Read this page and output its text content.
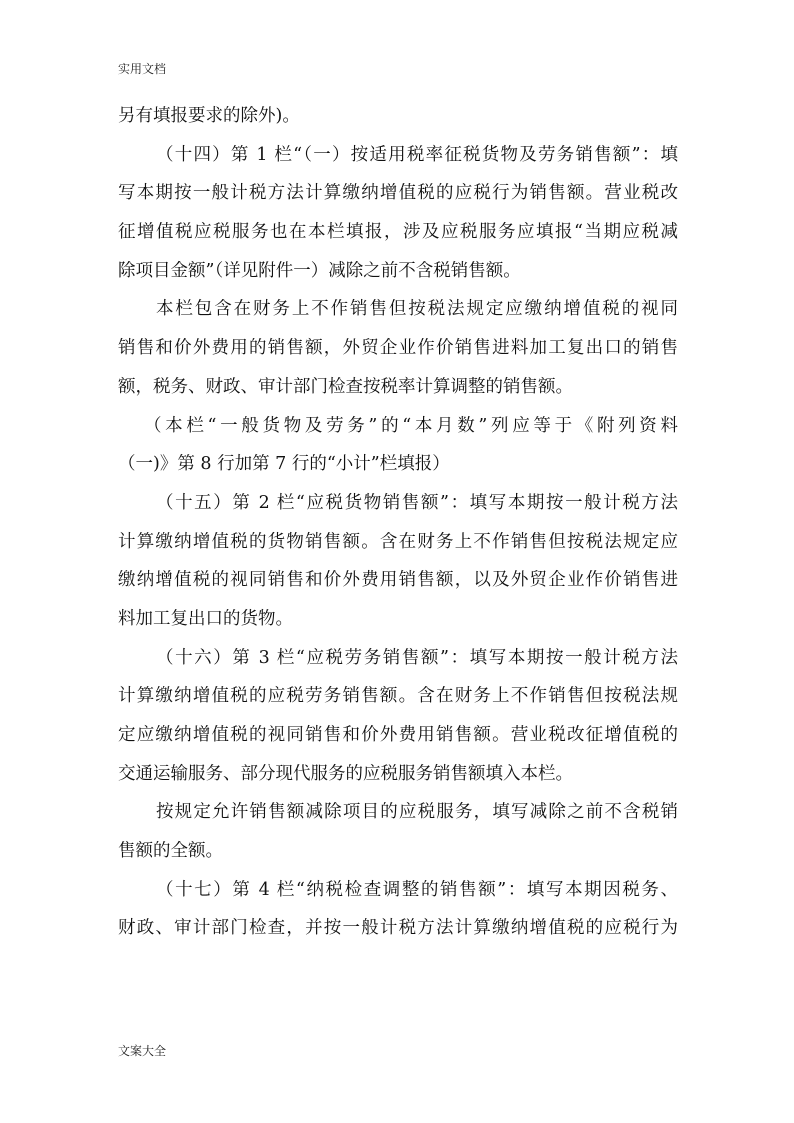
实用文档
另有填报要求的除外)。
（十四）第 1 栏“（一）按适用税率征税货物及劳务销售额”：填
写本期按一般计税方法计算缴纳增值税的应税行为销售额。营业税改
征增值税应税服务也在本栏填报，涉及应税服务应填报“当期应税减
除项目金额”（详见附件一）减除之前不含税销售额。
本栏包含在财务上不作销售但按税法规定应缴纳增值税的视同
销售和价外费用的销售额，外贸企业作价销售进料加工复出口的销售
额，税务、财政、审计部门检查按税率计算调整的销售额。
（本栏“一般货物及劳务”的“本月数”列应等于《附列资料
（一)》第 8 行加第 7 行的“小计”栏填报）
（十五）第 2 栏“应税货物销售额”：填写本期按一般计税方法
计算缴纳增值税的货物销售额。含在财务上不作销售但按税法规定应
缴纳增值税的视同销售和价外费用销售额，以及外贸企业作价销售进
料加工复出口的货物。
（十六）第 3 栏“应税劳务销售额”：填写本期按一般计税方法
计算缴纳增值税的应税劳务销售额。含在财务上不作销售但按税法规
定应缴纳增值税的视同销售和价外费用销售额。营业税改征增值税的
交通运输服务、部分现代服务的应税服务销售额填入本栏。
按规定允许销售额减除项目的应税服务，填写减除之前不含税销
售额的全额。
（十七）第 4 栏“纳税检查调整的销售额”：填写本期因税务、
财政、审计部门检查，并按一般计税方法计算缴纳增值税的应税行为
文案大全
